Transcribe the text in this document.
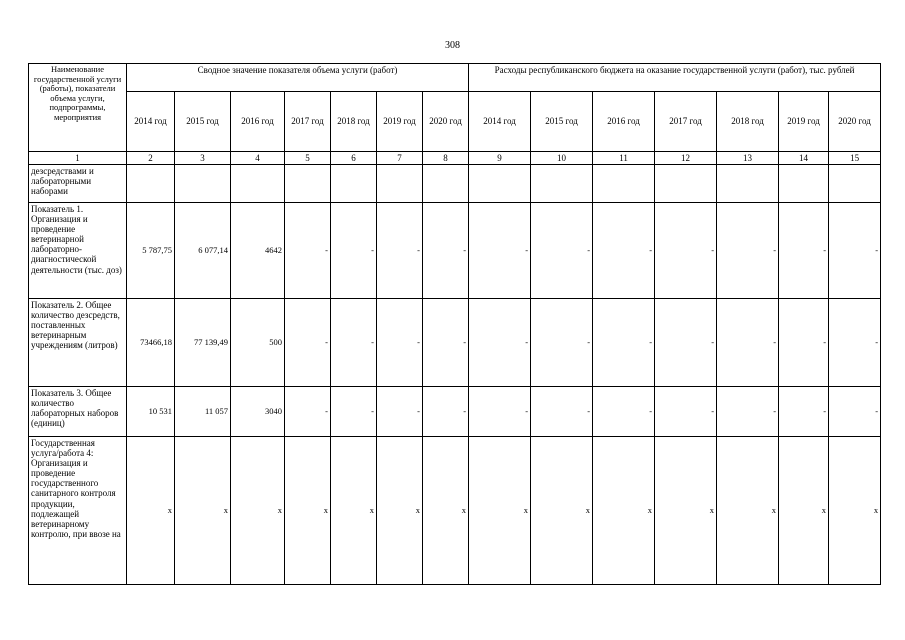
308
Наименование государственной услуги (работы), показатели объема услуги, подпрограммы, мероприятия	Сводное значение показателя объема услуги (работ)							Расходы республиканского бюджета на оказание государственной услуги (работ), тыс. рублей						
	2014 год	2015 год	2016 год	2017 год	2018 год	2019 год	2020 год	2014 год	2015 год	2016 год	2017 год	2018 год	2019 год	2020 год
1	2	3	4	5	6	7	8	9	10	11	12	13	14	15
дезсредствами и лабораторными наборами														
Показатель 1. Организация и проведение ветеринарной лабораторно-диагностической деятельности (тыс. доз)	5 787,75	6 077,14	4642	-	-	-	-	-	-	-	-	-	-	-
Показатель 2. Общее количество дезсредств, поставленных ветеринарным учреждениям (литров)	73466,18	77 139,49	500	-	-	-	-	-	-	-	-	-	-	-
Показатель 3. Общее количество лабораторных наборов (единиц)	10 531	11 057	3040	-	-	-	-	-	-	-	-	-	-	-
Государственная услуга/работа 4: Организация и проведение государственного санитарного контроля продукции, подлежащей ветеринарному контролю, при ввозе на	x	x	x	x	x	x	x	x	x	x	x	x	x	x
